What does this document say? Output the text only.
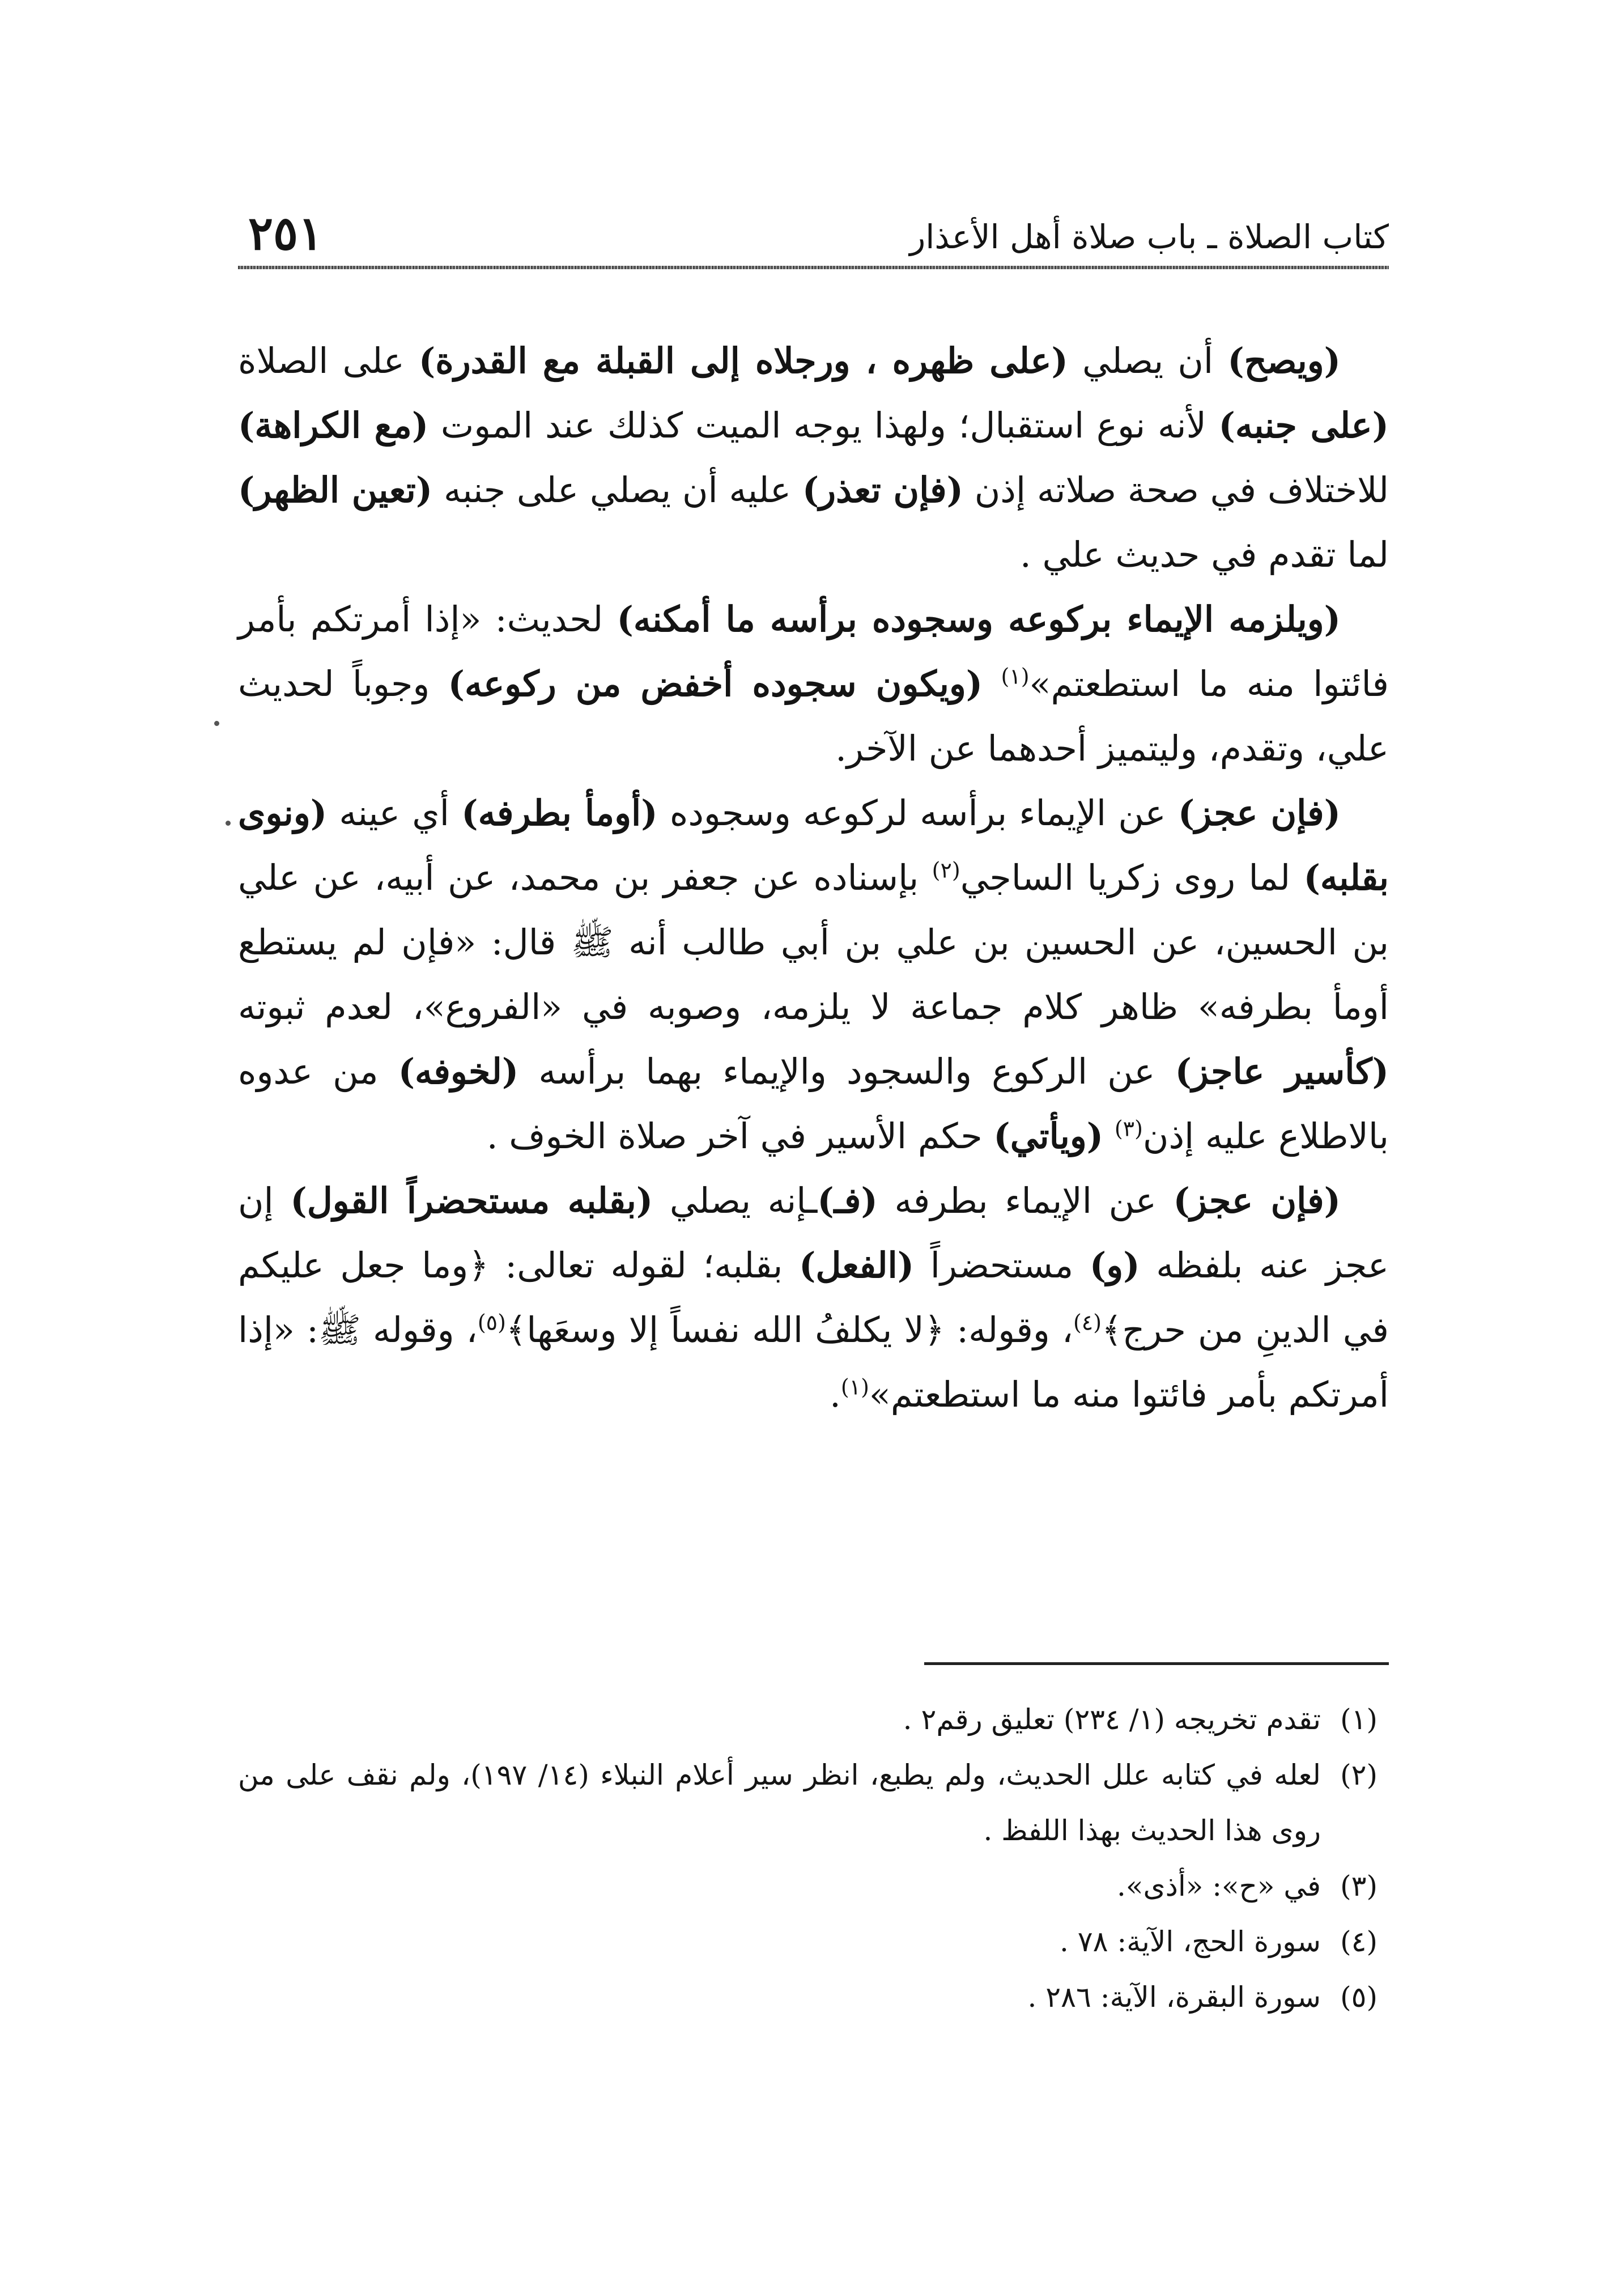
كتاب الصلاة ـ باب صلاة أهل الأعذار
٢٥١

(ويصح) أن يصلي (على ظهره ، ورجلاه إلى القبلة مع القدرة) على الصلاة (على جنبه) لأنه نوع استقبال؛ ولهذا يوجه الميت كذلك عند الموت (مع الكراهة) للاختلاف في صحة صلاته إذن (فإن تعذر) عليه أن يصلي على جنبه (تعين الظهر) لما تقدم في حديث علي .

(ويلزمه الإيماء بركوعه وسجوده برأسه ما أمكنه) لحديث: «إذا أمرتكم بأمر فائتوا منه ما استطعتم»$^{(١)}$ (ويكون سجوده أخفض من ركوعه) وجوباً لحديث علي، وتقدم، وليتميز أحدهما عن الآخر.

(فإن عجز) عن الإيماء برأسه لركوعه وسجوده (أومأ بطرفه) أي عينه (ونوى بقلبه) لما روى زكريا الساجي$^{(٢)}$ بإسناده عن جعفر بن محمد، عن أبيه، عن علي بن الحسين، عن الحسين بن علي بن أبي طالب أنه ﷺ قال: «فإن لم يستطع أومأ بطرفه» ظاهر كلام جماعة لا يلزمه، وصوبه في «الفروع»، لعدم ثبوته (كأسير عاجز) عن الركوع والسجود والإيماء بهما برأسه (لخوفه) من عدوه بالاطلاع عليه إذن$^{(٣)}$ (ويأتي) حكم الأسير في آخر صلاة الخوف .

(فإن عجز) عن الإيماء بطرفه (فـ)ـإنه يصلي (بقلبه مستحضراً القول) إن عجز عنه بلفظه (و) مستحضراً (الفعل) بقلبه؛ لقوله تعالى: ﴿وما جعل عليكم في الدينِ من حرج﴾$^{(٤)}$، وقوله: ﴿لا يكلفُ الله نفساً إلا وسعَها﴾$^{(٥)}$، وقوله ﷺ: «إذا أمرتكم بأمر فائتوا منه ما استطعتم»$^{(١)}$.

(١)
تقدم تخريجه (١/ ٢٣٤) تعليق رقم٢ .
(٢)
لعله في كتابه علل الحديث، ولم يطبع، انظر سير أعلام النبلاء (١٤/ ١٩٧)، ولم نقف على من روى هذا الحديث بهذا اللفظ .
(٣)
في «ح»: «أذى».
(٤)
سورة الحج، الآية: ٧٨ .
(٥)
سورة البقرة، الآية: ٢٨٦ .
